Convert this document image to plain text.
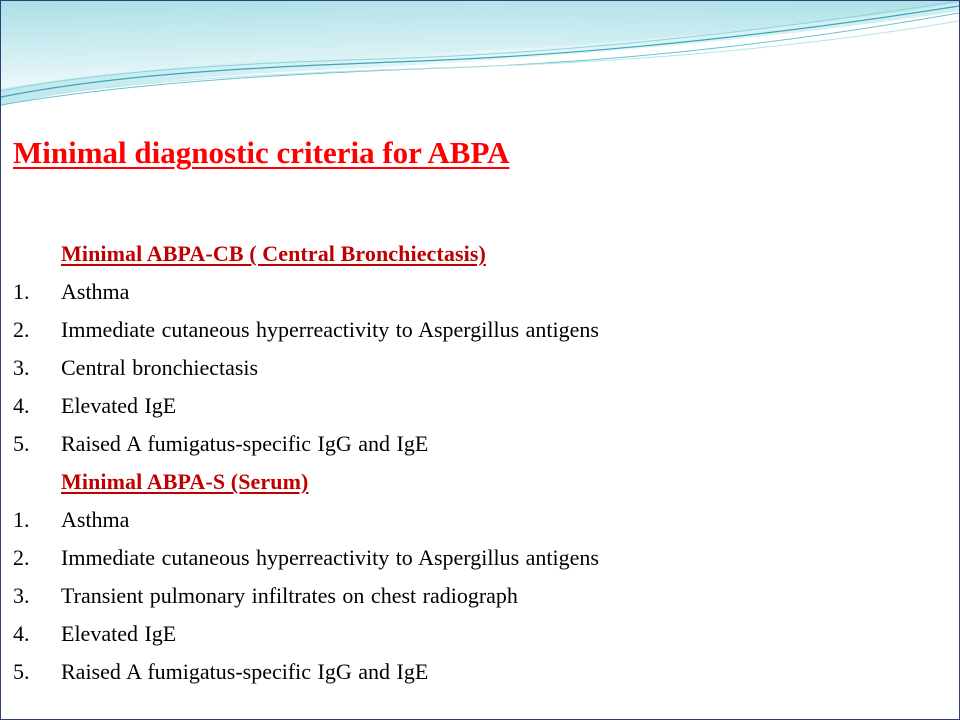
Minimal diagnostic criteria for ABPA
Minimal ABPA-CB ( Central Bronchiectasis)
1. Asthma
2. Immediate cutaneous hyperreactivity to Aspergillus antigens
3. Central bronchiectasis
4. Elevated IgE
5. Raised A fumigatus-specific IgG and IgE
Minimal ABPA-S (Serum)
1. Asthma
2. Immediate cutaneous hyperreactivity to Aspergillus antigens
3. Transient pulmonary infiltrates on chest radiograph
4. Elevated IgE
5. Raised A fumigatus-specific IgG and IgE
